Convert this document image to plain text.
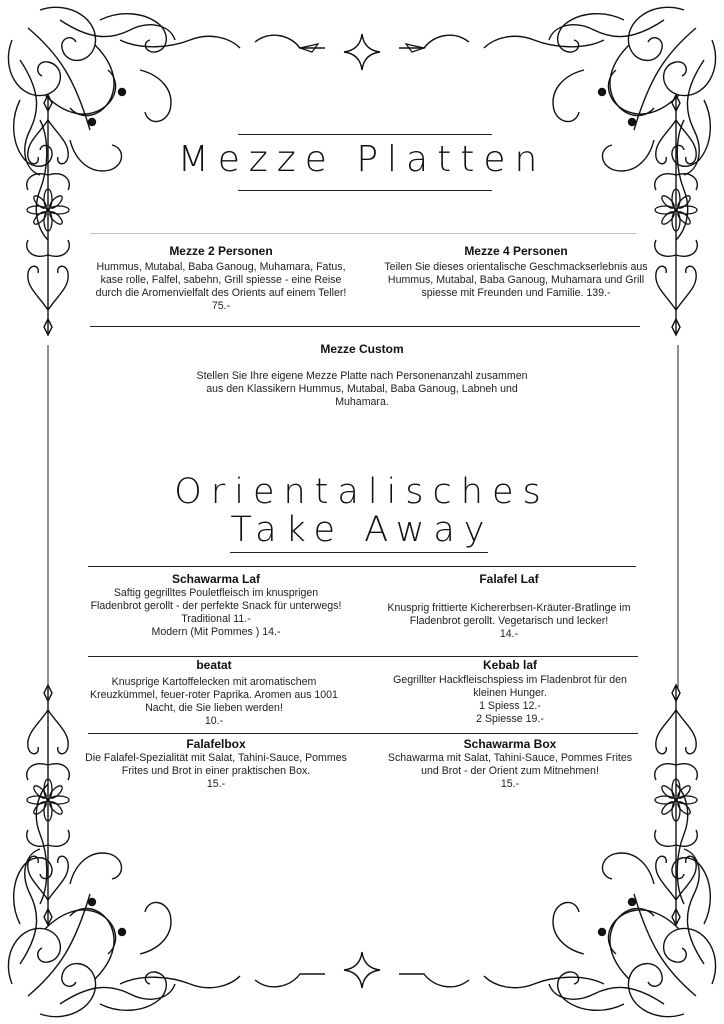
Mezze Platten
Mezze 2 Personen
Hummus, Mutabal, Baba Ganoug, Muhamara, Fatus, kase rolle, Falfel, sabehn, Grill spiesse - eine Reise durch die Aromenvielfalt des Orients auf einem Teller! 75.-
Mezze 4 Personen
Teilen Sie dieses orientalische Geschmackserlebnis aus Hummus, Mutabal, Baba Ganoug, Muhamara und Grill spiesse mit Freunden und Familie. 139.-
Mezze Custom
Stellen Sie Ihre eigene Mezze Platte nach Personenanzahl zusammen aus den Klassikern Hummus, Mutabal, Baba Ganoug, Labneh und Muhamara.
Orientalisches
Take Away
Schawarma Laf
Saftig gegrilltes Pouletfleisch im knusprigen Fladenbrot gerollt - der perfekte Snack für unterwegs!
Traditional 11.-
Modern (Mit Pommes ) 14.-
Falafel Laf
Knusprig frittierte Kichererbsen-Kräuter-Bratlinge im Fladenbrot gerollt. Vegetarisch und lecker!
14.-
beatat
Knusprige Kartoffelecken mit aromatischem Kreuzkümmel, feuer-roter Paprika. Aromen aus 1001 Nacht, die Sie lieben werden!
10.-
Kebab laf
Gegrillter Hackfleischspiess im Fladenbrot für den kleinen Hunger.
1 Spiess 12.-
2 Spiesse 19.-
Falafelbox
Die Falafel-Spezialität mit Salat, Tahini-Sauce, Pommes Frites und Brot in einer praktischen Box.
15.-
Schawarma Box
Schawarma mit Salat, Tahini-Sauce, Pommes Frites und Brot - der Orient zum Mitnehmen!
15.-
